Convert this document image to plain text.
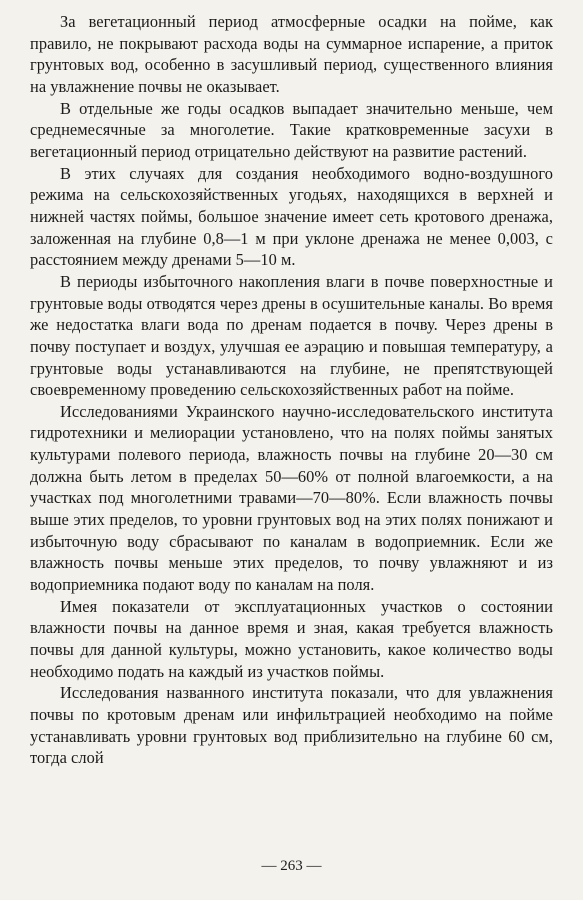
За вегетационный период атмосферные осадки на пойме, как правило, не покрывают расхода воды на суммарное испарение, а приток грунтовых вод, особенно в засушливый период, существенного влияния на увлажнение почвы не оказывает.

В отдельные же годы осадков выпадает значительно меньше, чем среднемесячные за многолетие. Такие кратковременные засухи в вегетационный период отрицательно действуют на развитие растений.

В этих случаях для создания необходимого водно-воздушного режима на сельскохозяйственных угодьях, находящихся в верхней и нижней частях поймы, большое значение имеет сеть кротового дренажа, заложенная на глубине 0,8—1 м при уклоне дренажа не менее 0,003, с расстоянием между дренами 5—10 м.

В периоды избыточного накопления влаги в почве поверхностные и грунтовые воды отводятся через дрены в осушительные каналы. Во время же недостатка влаги вода по дренам подается в почву. Через дрены в почву поступает и воздух, улучшая ее аэрацию и повышая температуру, а грунтовые воды устанавливаются на глубине, не препятствующей своевременному проведению сельскохозяйственных работ на пойме.

Исследованиями Украинского научно-исследовательского института гидротехники и мелиорации установлено, что на полях поймы занятых культурами полевого периода, влажность почвы на глубине 20—30 см должна быть летом в пределах 50—60% от полной влагоемкости, а на участках под многолетними травами—70—80%. Если влажность почвы выше этих пределов, то уровни грунтовых вод на этих полях понижают и избыточную воду сбрасывают по каналам в водоприемник. Если же влажность почвы меньше этих пределов, то почву увлажняют и из водоприемника подают воду по каналам на поля.

Имея показатели от эксплуатационных участков о состоянии влажности почвы на данное время и зная, какая требуется влажность почвы для данной культуры, можно установить, какое количество воды необходимо подать на каждый из участков поймы.

Исследования названного института показали, что для увлажнения почвы по кротовым дренам или инфильтрацией необходимо на пойме устанавливать уровни грунтовых вод приблизительно на глубине 60 см, тогда слой

— 263 —
